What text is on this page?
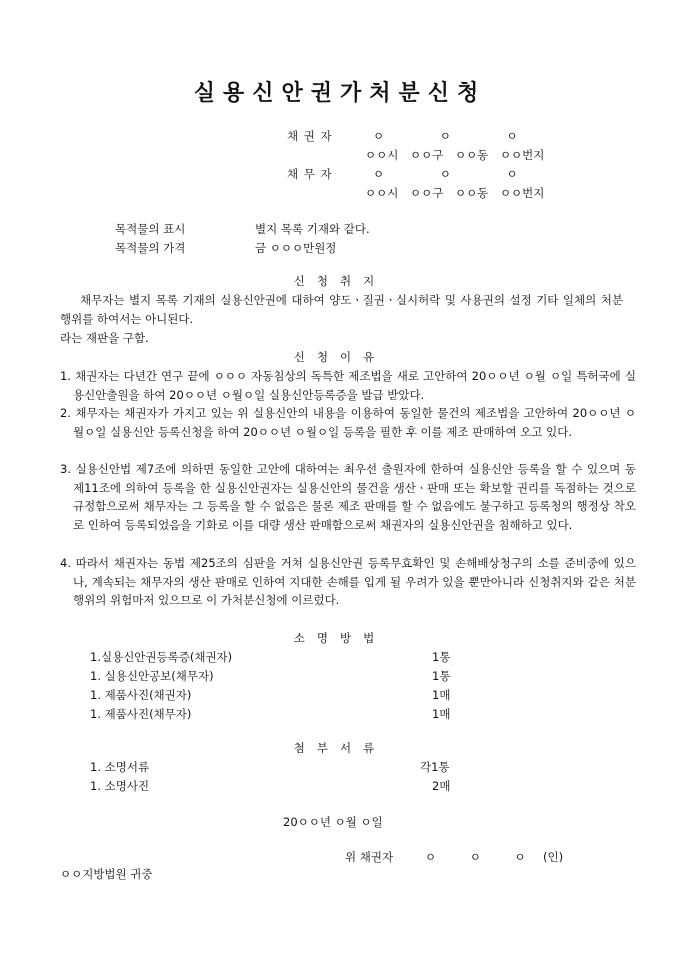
실용신안권가처분신청
채 권 자	ㅇ ㅇ ㅇ
ㅇㅇ시 ㅇㅇ구 ㅇㅇ동 ㅇㅇ번지
채 무 자	ㅇ ㅇ ㅇ
ㅇㅇ시 ㅇㅇ구 ㅇㅇ동 ㅇㅇ번지
목적물의 표시	별지 목록 기재와 같다.
목적물의 가격	금 ㅇㅇㅇ만원정
신청취지
채무자는 별지 목록 기재의 실용신안권에 대하여 양도ㆍ질권ㆍ실시허락 및 사용권의 설정 기타 일체의 처분행위를 하여서는 아니된다.
라는 재판을 구함.
신청이유
1. 채권자는 다년간 연구 끝에 ㅇㅇㅇ 자동침상의 독특한 제조법을 새로 고안하여 20ㅇㅇ년 ㅇ월 ㅇ일 특허국에 실용신안출원을 하여 20ㅇㅇ년 ㅇ월ㅇ일 실용신안등록증을 발급 받았다.
2. 채무자는 채권자가 가지고 있는 위 실용신안의 내용을 이용하여 동일한 물건의 제조법을 고안하여 20ㅇㅇ년 ㅇ월ㅇ일 실용신안 등록신청을 하여 20ㅇㅇ년 ㅇ월ㅇ일 등록을 필한 후 이를 제조 판매하여 오고 있다.
3. 실용신안법 제7조에 의하면 동일한 고안에 대하여는 최우선 출원자에 한하여 실용신안 등록을 할 수 있으며 동 제11조에 의하여 등록을 한 실용신안권자는 실용신안의 물건을 생산ㆍ판매 또는 확보할 권리를 독점하는 것으로 규정함으로써 채무자는 그 등록을 할 수 없음은 물론 제조 판매를 할 수 없음에도 불구하고 등록청의 행정상 착오로 인하여 등록되었음을 기화로 이를 대량 생산 판매함으로써 채권자의 실용신안권을 침해하고 있다.
4. 따라서 채권자는 동법 제25조의 심판을 거쳐 실용신안권 등록무효확인 및 손해배상청구의 소를 준비중에 있으나, 계속되는 채무자의 생산 판매로 인하여 지대한 손해를 입게 될 우려가 있을 뿐만아니라 신청취지와 같은 처분행위의 위험마저 있으므로 이 가처분신청에 이르렀다.
소명방법
1.실용신안권등록증(채권자)	1통
1. 실용신안공보(채무자)	1통
1. 제품사진(채권자)	1매
1. 제품사진(채무자)	1매
첨부서류
1. 소명서류	각1통
1. 소명사진	2매
20ㅇㅇ년 ㅇ월 ㅇ일
위 채권자	ㅇ ㅇ ㅇ (인)
ㅇㅇ지방법원 귀중
